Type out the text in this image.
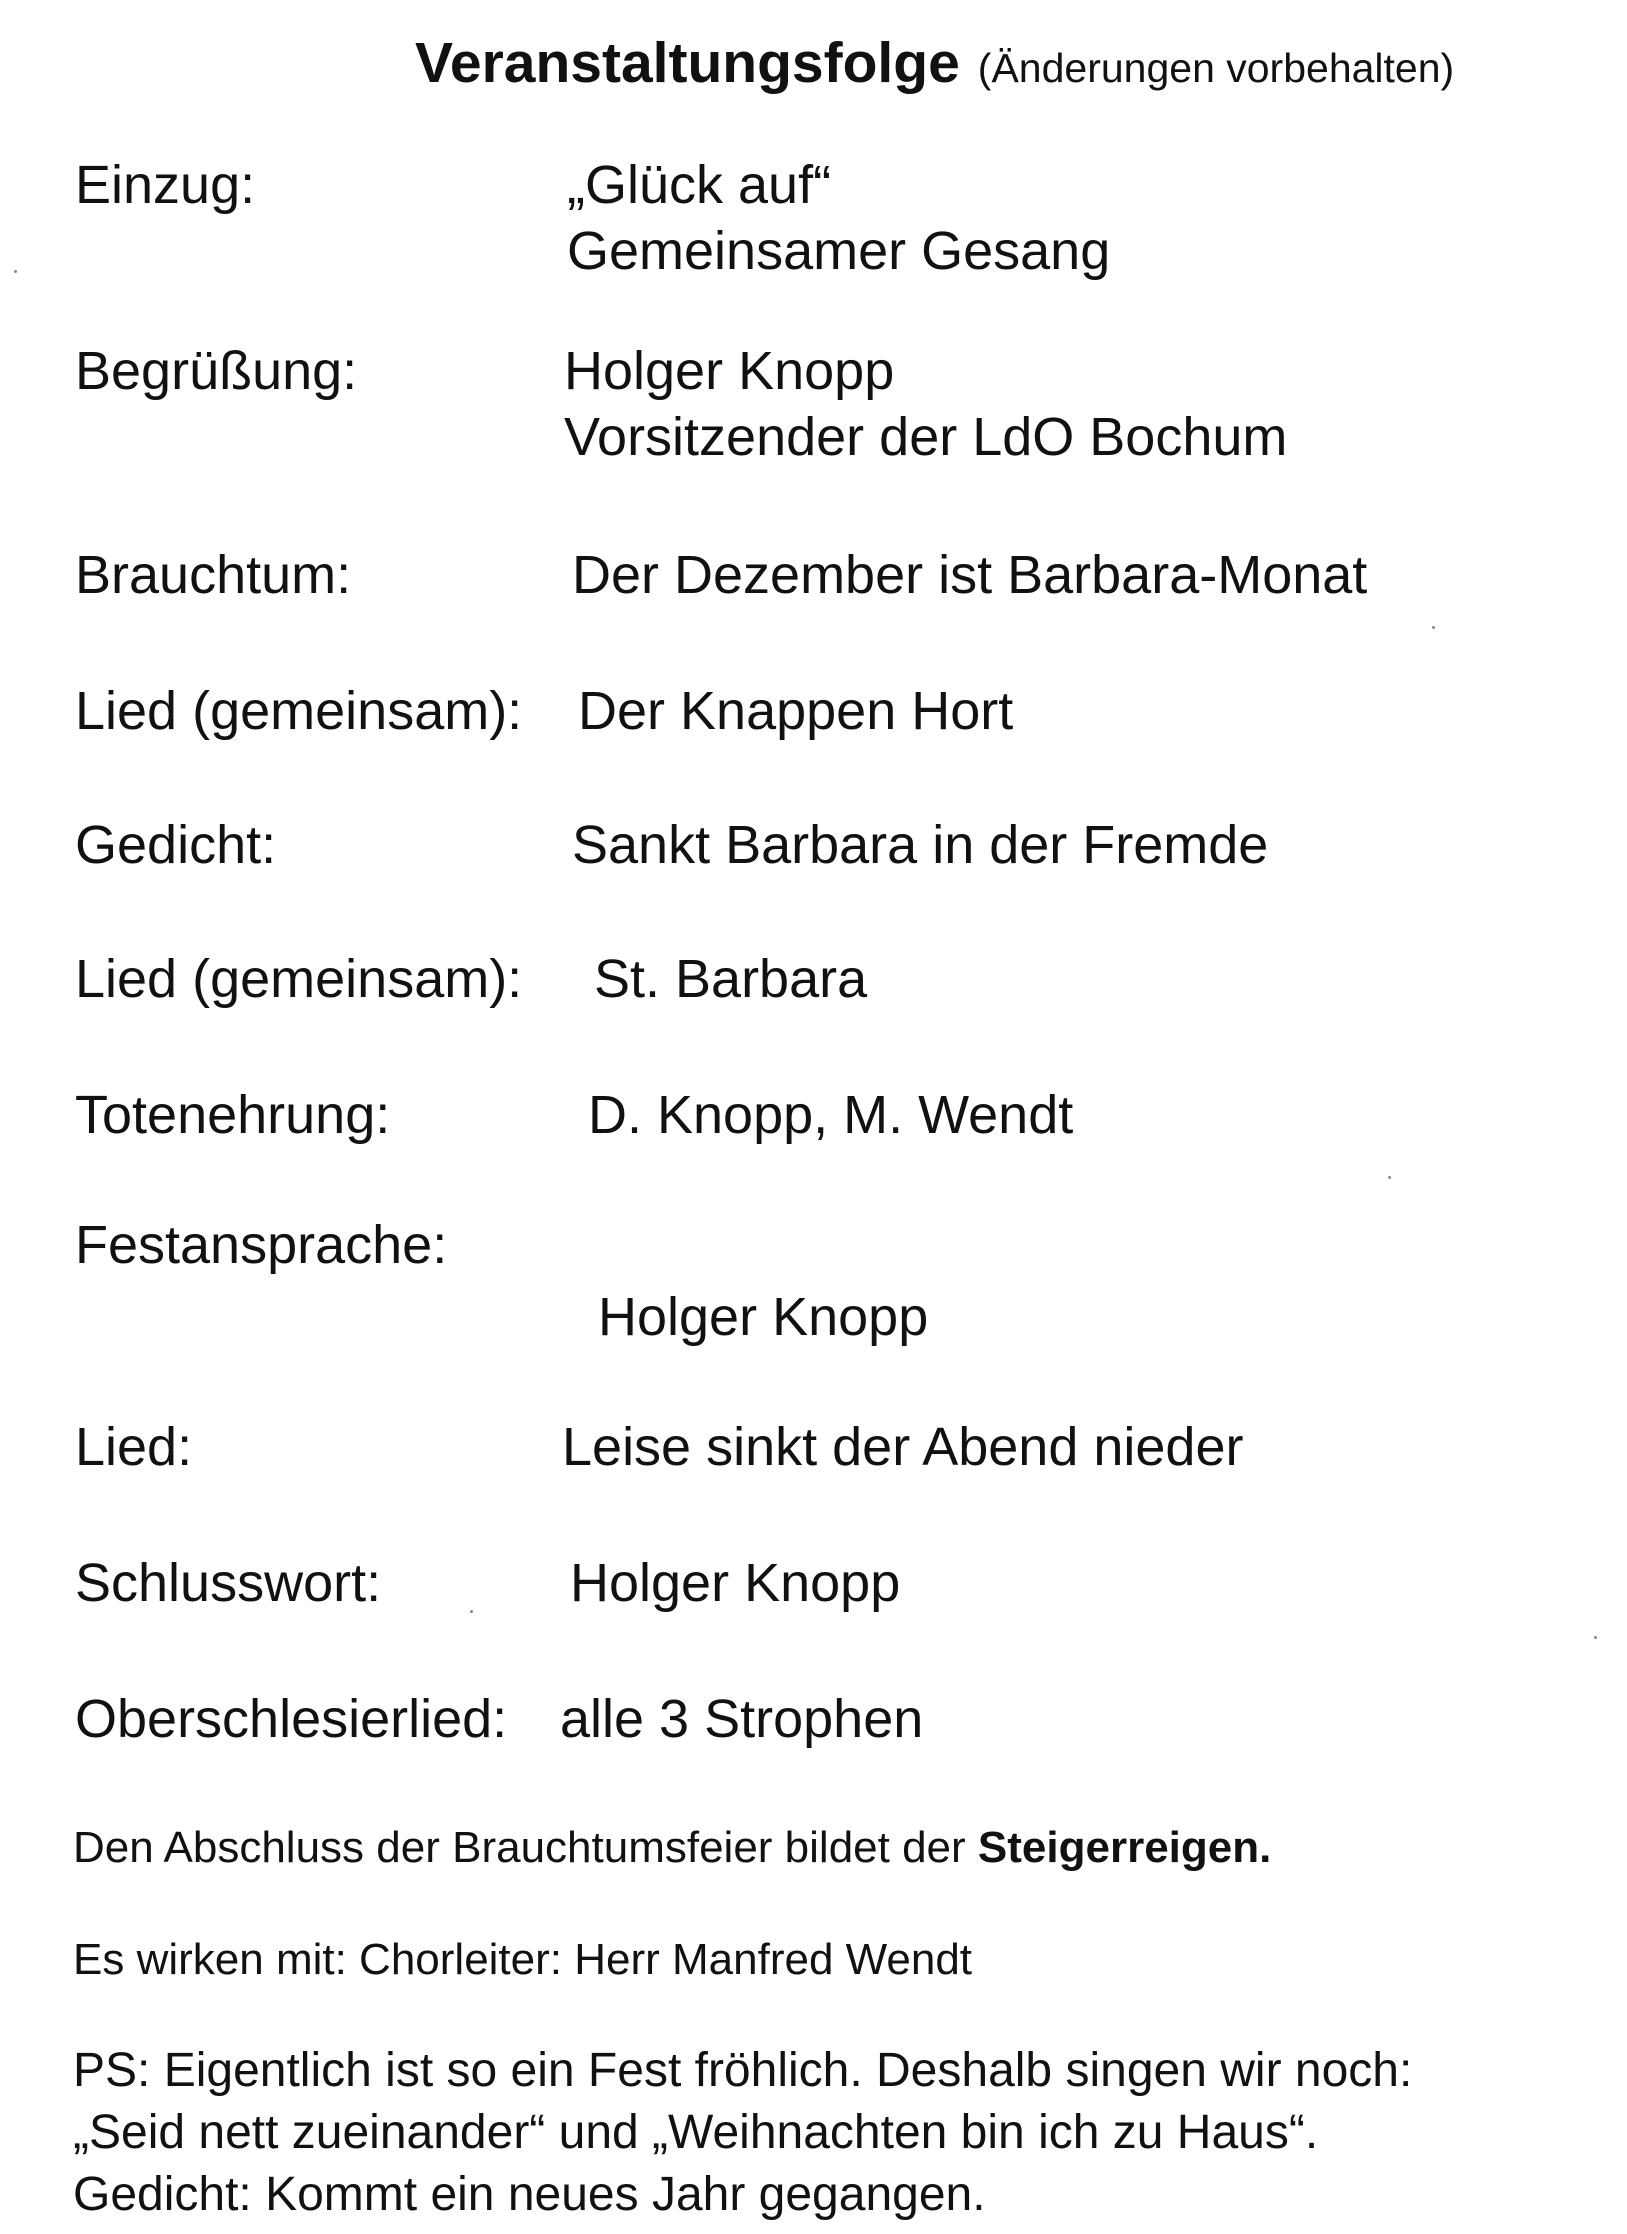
Veranstaltungsfolge (Änderungen vorbehalten)
Einzug:	„Glück auf“
Gemeinsamer Gesang
Begrüßung:	Holger Knopp
Vorsitzender der LdO Bochum
Brauchtum:	Der Dezember ist Barbara-Monat
Lied (gemeinsam): Der Knappen Hort
Gedicht:	Sankt Barbara in der Fremde
Lied (gemeinsam): St. Barbara
Totenehrung:	D. Knopp, M. Wendt
Festansprache:
Holger Knopp
Lied:	Leise sinkt der Abend nieder
Schlusswort:	Holger Knopp
Oberschlesierlied: alle 3 Strophen
Den Abschluss der Brauchtumsfeier bildet der Steigerreigen.
Es wirken mit: Chorleiter: Herr Manfred Wendt
PS: Eigentlich ist so ein Fest fröhlich. Deshalb singen wir noch:
„Seid nett zueinander“ und „Weihnachten bin ich zu Haus“.
Gedicht: Kommt ein neues Jahr gegangen.
